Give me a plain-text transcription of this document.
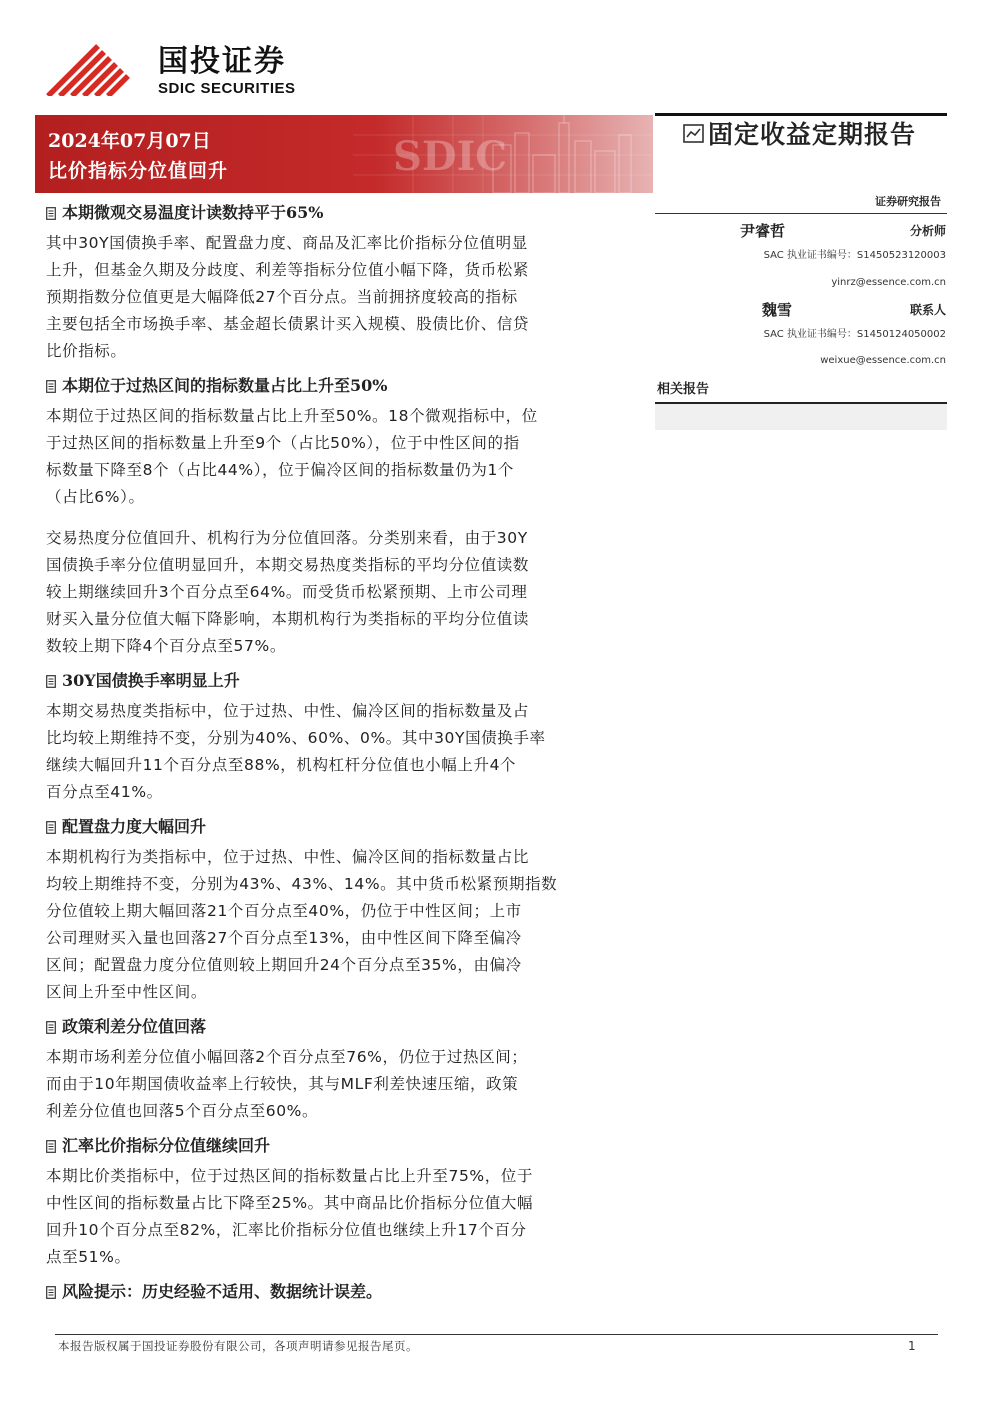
国投证券
SDIC SECURITIES
SDIC
2024年07月07日
比价指标分位值回升
固定收益定期报告
证券研究报告
尹睿哲	分析师
SAC 执业证书编号：S1450523120003
yinrz@essence.com.cn
魏雪	联系人
SAC 执业证书编号：S1450124050002
weixue@essence.com.cn
相关报告
本期微观交易温度计读数持平于65%

其中30Y国债换手率、配置盘力度、商品及汇率比价指标分位值明显
上升，但基金久期及分歧度、利差等指标分位值小幅下降，货币松紧
预期指数分位值更是大幅降低27个百分点。当前拥挤度较高的指标
主要包括全市场换手率、基金超长债累计买入规模、股债比价、信贷
比价指标。

本期位于过热区间的指标数量占比上升至50%

本期位于过热区间的指标数量占比上升至50%。18个微观指标中，位
于过热区间的指标数量上升至9个（占比50%），位于中性区间的指
标数量下降至8个（占比44%），位于偏冷区间的指标数量仍为1个
（占比6%）。

交易热度分位值回升、机构行为分位值回落。分类别来看，由于30Y
国债换手率分位值明显回升，本期交易热度类指标的平均分位值读数
较上期继续回升3个百分点至64%。而受货币松紧预期、上市公司理
财买入量分位值大幅下降影响，本期机构行为类指标的平均分位值读
数较上期下降4个百分点至57%。

30Y国债换手率明显上升

本期交易热度类指标中，位于过热、中性、偏冷区间的指标数量及占
比均较上期维持不变，分别为40%、60%、0%。其中30Y国债换手率
继续大幅回升11个百分点至88%，机构杠杆分位值也小幅上升4个
百分点至41%。

配置盘力度大幅回升

本期机构行为类指标中，位于过热、中性、偏冷区间的指标数量占比
均较上期维持不变，分别为43%、43%、14%。其中货币松紧预期指数
分位值较上期大幅回落21个百分点至40%，仍位于中性区间；上市
公司理财买入量也回落27个百分点至13%，由中性区间下降至偏冷
区间；配置盘力度分位值则较上期回升24个百分点至35%，由偏冷
区间上升至中性区间。

政策利差分位值回落

本期市场利差分位值小幅回落2个百分点至76%，仍位于过热区间；
而由于10年期国债收益率上行较快，其与MLF利差快速压缩，政策
利差分位值也回落5个百分点至60%。

汇率比价指标分位值继续回升

本期比价类指标中，位于过热区间的指标数量占比上升至75%，位于
中性区间的指标数量占比下降至25%。其中商品比价指标分位值大幅
回升10个百分点至82%，汇率比价指标分位值也继续上升17个百分
点至51%。

风险提示：历史经验不适用、数据统计误差。
本报告版权属于国投证券股份有限公司，各项声明请参见报告尾页。	1
